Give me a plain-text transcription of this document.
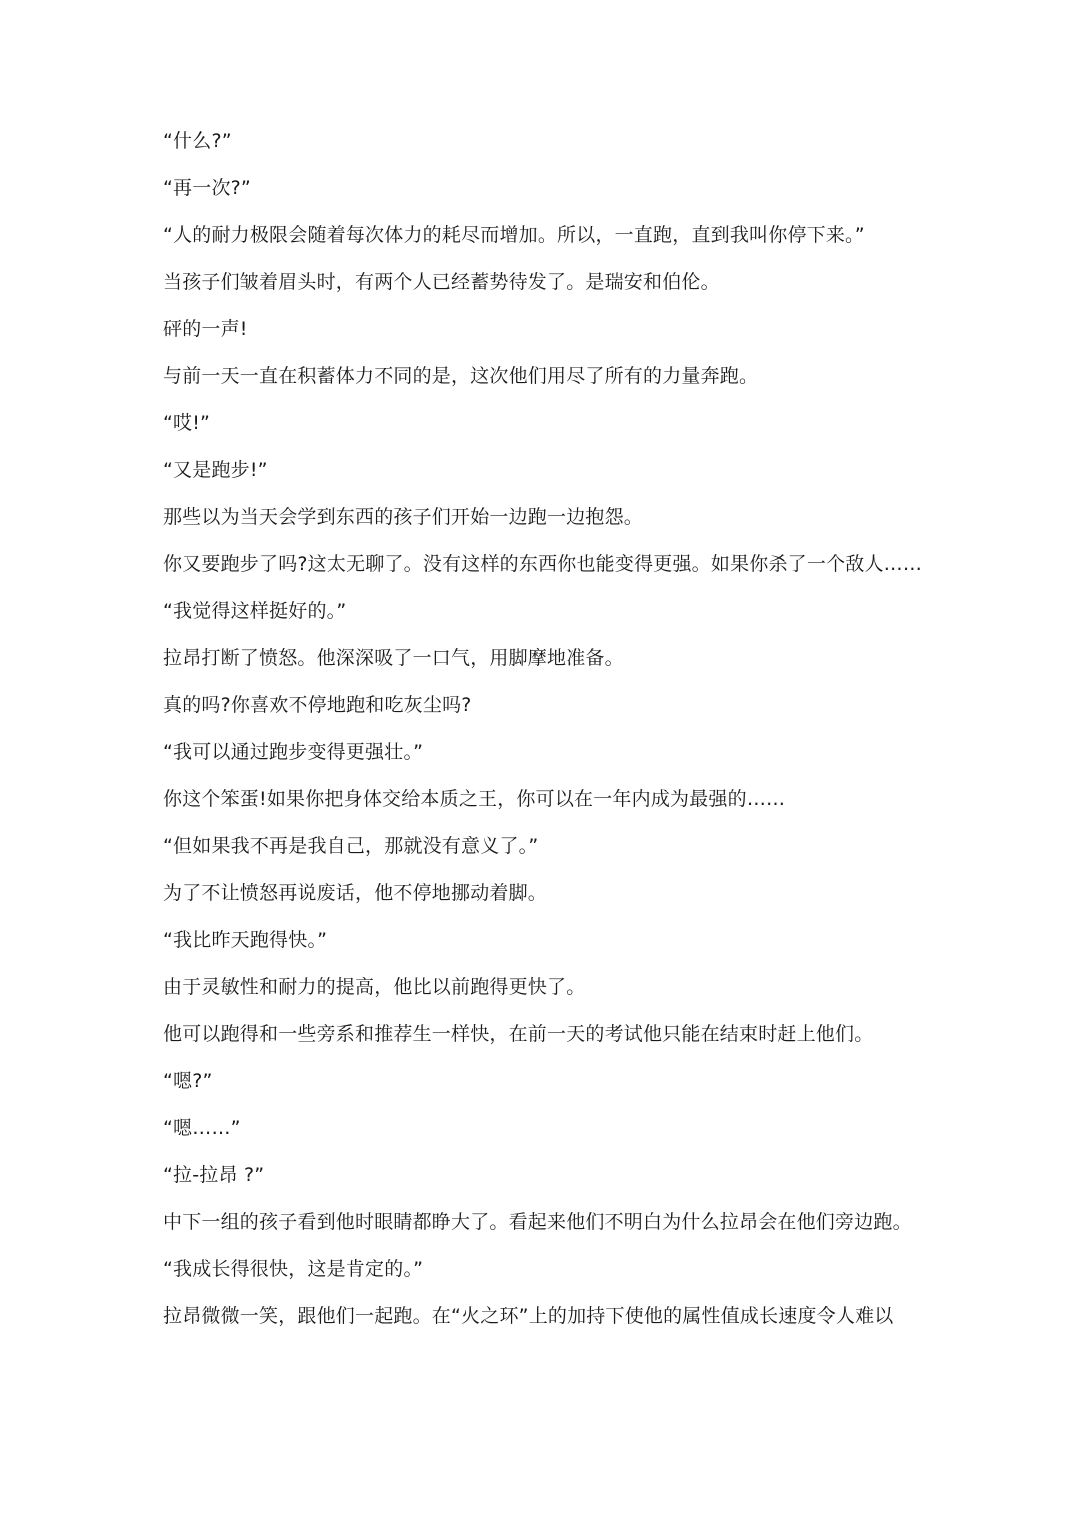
“什么?”

“再一次?”

“人的耐力极限会随着每次体力的耗尽而增加。所以，一直跑，直到我叫你停下来。”

当孩子们皱着眉头时，有两个人已经蓄势待发了。是瑞安和伯伦。

砰的一声!

与前一天一直在积蓄体力不同的是，这次他们用尽了所有的力量奔跑。

“哎!”

“又是跑步!”

那些以为当天会学到东西的孩子们开始一边跑一边抱怨。

你又要跑步了吗?这太无聊了。没有这样的东西你也能变得更强。如果你杀了一个敌人……

“我觉得这样挺好的。”

拉昂打断了愤怒。他深深吸了一口气，用脚摩地准备。

真的吗?你喜欢不停地跑和吃灰尘吗?

“我可以通过跑步变得更强壮。”

你这个笨蛋!如果你把身体交给本质之王，你可以在一年内成为最强的……

“但如果我不再是我自己，那就没有意义了。”

为了不让愤怒再说废话，他不停地挪动着脚。

“我比昨天跑得快。”

由于灵敏性和耐力的提高，他比以前跑得更快了。

他可以跑得和一些旁系和推荐生一样快，在前一天的考试他只能在结束时赶上他们。

“嗯?”

“嗯……”

“拉-拉昂 ?”

中下一组的孩子看到他时眼睛都睁大了。看起来他们不明白为什么拉昂会在他们旁边跑。

“我成长得很快，这是肯定的。”

拉昂微微一笑，跟他们一起跑。在“火之环”上的加持下使他的属性值成长速度令人难以
